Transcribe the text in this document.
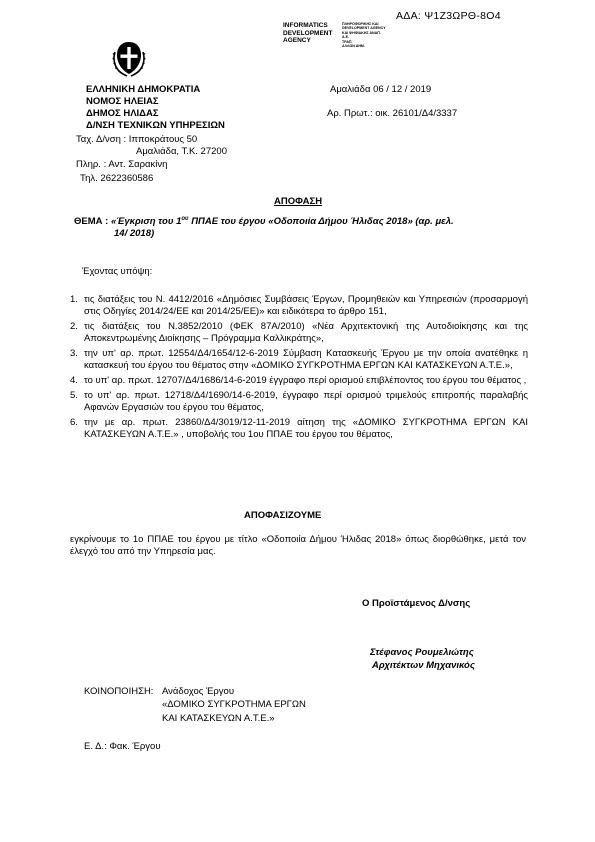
ΑΔΑ: Ψ1Ζ3ΩΡΘ-8Ο4
INFORMATICS
DEVELOPMENT
AGENCY
ΠΛΗΡΟΦΟΡΙΚΗΣ ΚΑΙ
DEVELOPMENT AGENCY
ΚΑΙ ΨΗΦΙΑΚΗΣ ΑΝΑΠ.
Α.Ε.
ΤΡΑΠ.
ΑΛΛΩΝ ΔΗΜ.
ΕΛΛΗΝΙΚΗ ΔΗΜΟΚΡΑΤΙΑ
ΝΟΜΟΣ ΗΛΕΙΑΣ
ΔΗΜΟΣ ΗΛΙΔΑΣ
Δ/ΝΣΗ ΤΕΧΝΙΚΩΝ ΥΠΗΡΕΣΙΩΝ
Αμαλιάδα 06 / 12 / 2019
Αρ. Πρωτ.: οικ. 26101/Δ4/3337
Ταχ. Δ/νση : Ιπποκράτους 50
Αμαλιάδα, Τ.Κ. 27200
Πληρ. : Αντ. Σαρακίνη
Τηλ. 2622360586
ΑΠΟΦΑΣΗ
ΘΕΜΑ : «Έγκριση του $1^{o\upsilon}$ ΠΠΑΕ του έργου «Οδοποιία Δήμου Ήλιδας 2018» (αρ. μελ.
14/ 2018)
Έχοντας υπόψη:
1. τις διατάξεις του Ν. 4412/2016 «Δημόσιες Συμβάσεις Έργων, Προμηθειών και Υπηρεσιών (προσαρμογή στις Οδηγίες 2014/24/ΕΕ και 2014/25/ΕΕ)» και ειδικότερα το άρθρο 151,
2. τις διατάξεις του Ν.3852/2010 (ΦΕΚ 87Α/2010) «Νέα Αρχιτεκτονική της Αυτοδιοίκησης και της Αποκεντρωμένης Διοίκησης – Πρόγραμμα Καλλικράτης»,
3. την υπ' αρ. πρωτ. 12554/Δ4/1654/12-6-2019 Σύμβαση Κατασκευής Έργου με την οποία ανατέθηκε η κατασκευή του έργου του θέματος στην «ΔΟΜΙΚΟ ΣΥΓΚΡΟΤΗΜΑ ΕΡΓΩΝ ΚΑΙ ΚΑΤΑΣΚΕΥΩΝ Α.Τ.Ε.»,
4. το υπ' αρ. πρωτ. 12707/Δ4/1686/14-6-2019 έγγραφο περί ορισμού επιβλέποντος του έργου του θέματος ,
5. το υπ' αρ. πρωτ. 12718/Δ4/1690/14-6-2019, έγγραφο περί ορισμού τριμελούς επιτροπής παραλαβής Αφανών Εργασιών του έργου του θέματος,
6. την με αρ. πρωτ. 23860/Δ4/3019/12-11-2019 αίτηση της «ΔΟΜΙΚΟ ΣΥΓΚΡΟΤΗΜΑ ΕΡΓΩΝ ΚΑΙ ΚΑΤΑΣΚΕΥΩΝ Α.Τ.Ε.» , υποβολής του 1ου ΠΠΑΕ του έργου του θέματος,
ΑΠΟΦΑΣΙΖΟΥΜΕ
εγκρίνουμε το 1ο ΠΠΑΕ του έργου με τίτλο «Οδοποιία Δήμου Ήλιδας 2018» όπως διορθώθηκε, μετά τον έλεγχό του από την Υπηρεσία μας.
Ο Προϊστάμενος Δ/νσης
Στέφανος Ρουμελιώτης
Αρχιτέκτων Μηχανικός
ΚΟΙΝΟΠΟΙΗΣΗ: Ανάδοχος Έργου
«ΔΟΜΙΚΟ ΣΥΓΚΡΟΤΗΜΑ ΕΡΓΩΝ
ΚΑΙ ΚΑΤΑΣΚΕΥΩΝ Α.Τ.Ε.»
Ε. Δ.: Φακ. Έργου
